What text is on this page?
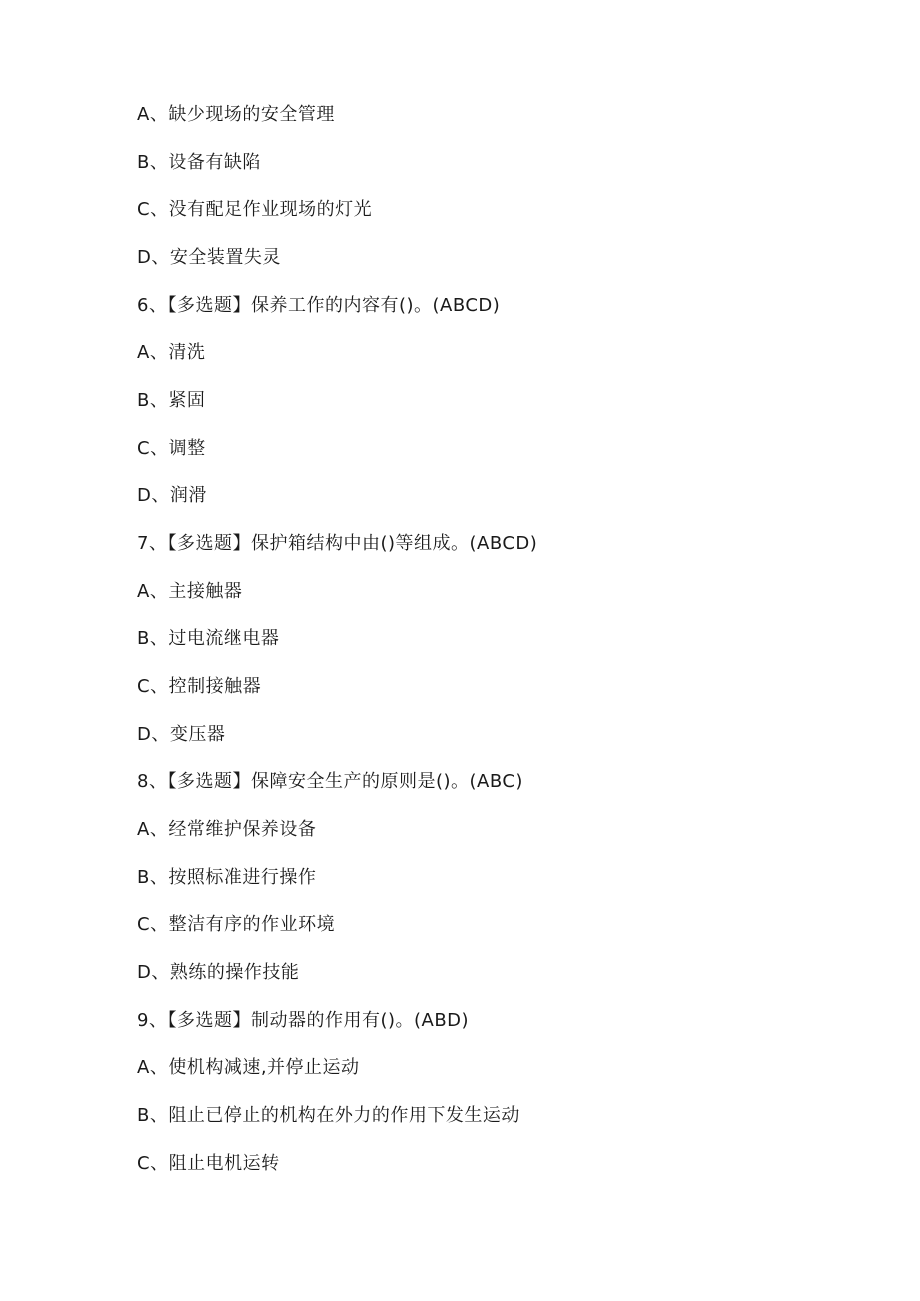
A、缺少现场的安全管理
B、设备有缺陷
C、没有配足作业现场的灯光
D、安全装置失灵
6、【多选题】保养工作的内容有()。(ABCD)
A、清洗
B、紧固
C、调整
D、润滑
7、【多选题】保护箱结构中由()等组成。(ABCD)
A、主接触器
B、过电流继电器
C、控制接触器
D、变压器
8、【多选题】保障安全生产的原则是()。(ABC)
A、经常维护保养设备
B、按照标准进行操作
C、整洁有序的作业环境
D、熟练的操作技能
9、【多选题】制动器的作用有()。(ABD)
A、使机构减速,并停止运动
B、阻止已停止的机构在外力的作用下发生运动
C、阻止电机运转
